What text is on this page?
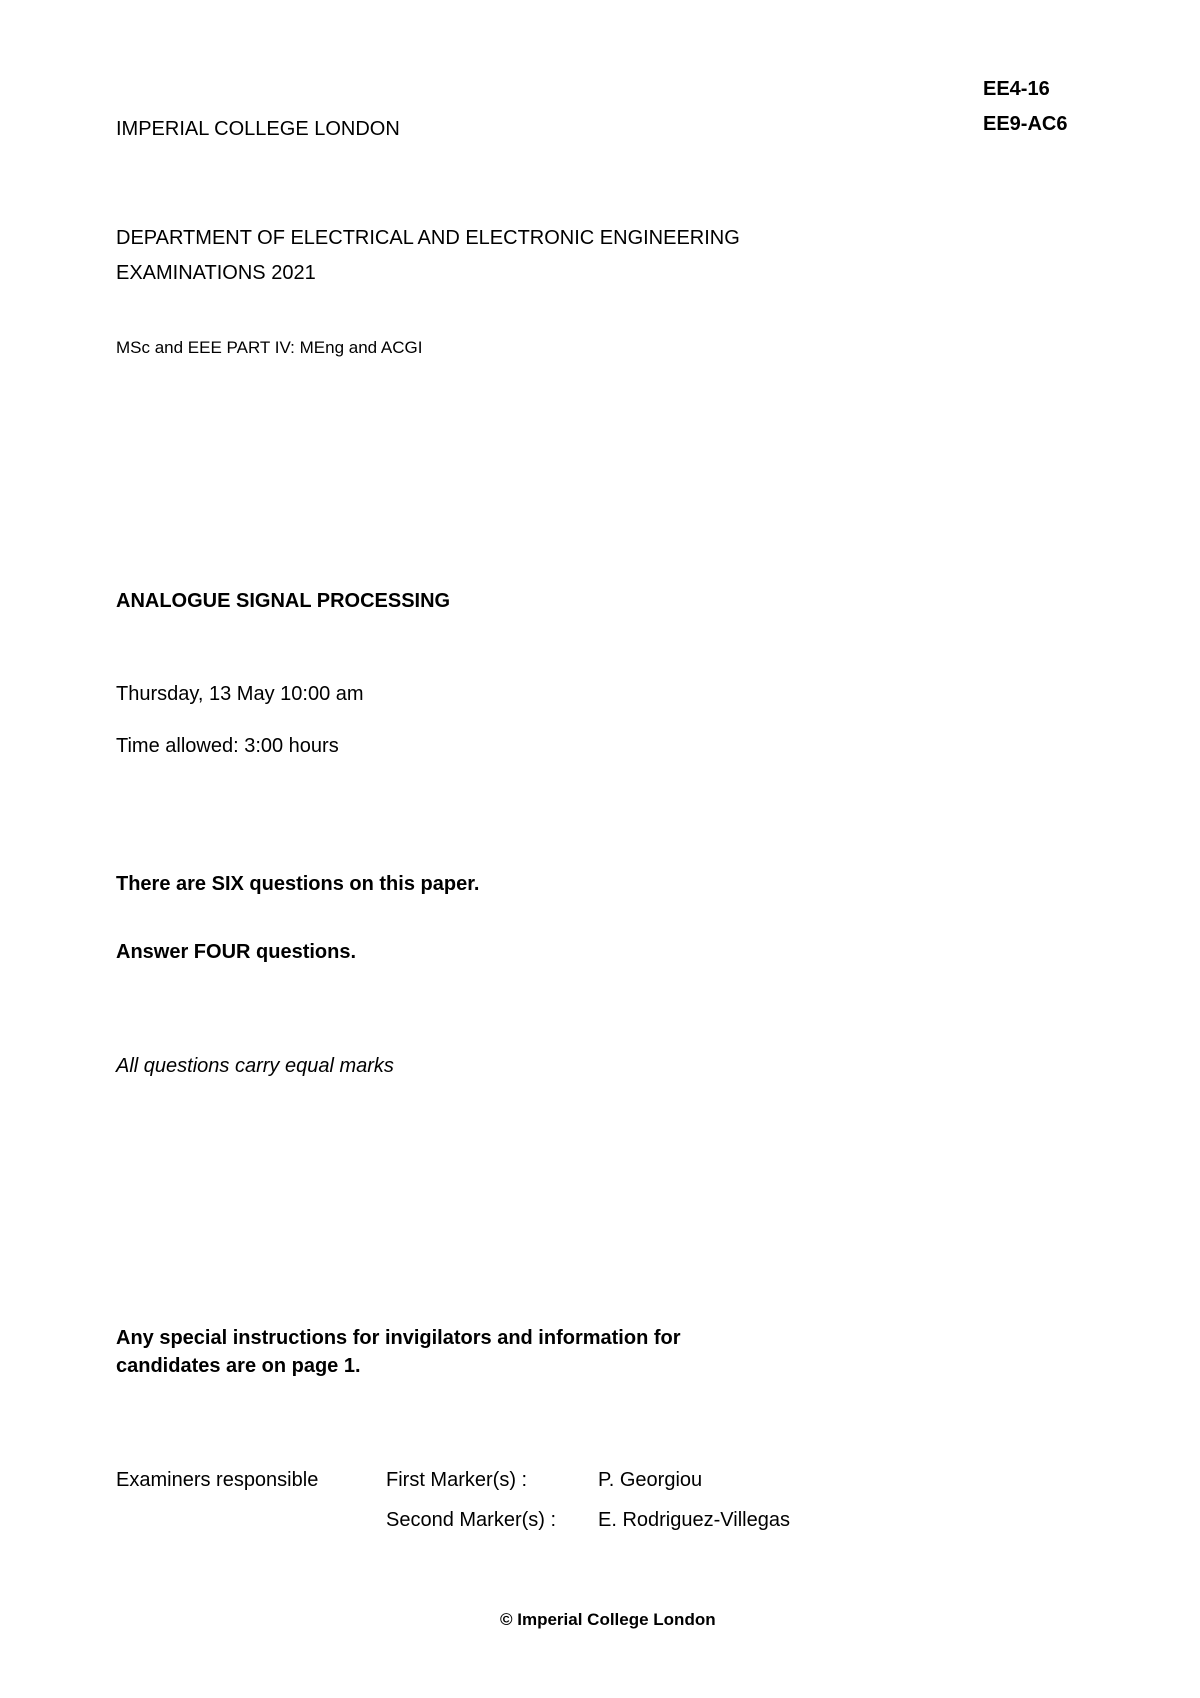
IMPERIAL COLLEGE LONDON
EE4-16
EE9-AC6
DEPARTMENT OF ELECTRICAL AND ELECTRONIC ENGINEERING
EXAMINATIONS 2021
MSc and EEE PART IV: MEng and ACGI
ANALOGUE SIGNAL PROCESSING
Thursday, 13 May 10:00 am
Time allowed: 3:00 hours
There are SIX questions on this paper.
Answer FOUR questions.
All questions carry equal marks
Any special instructions for invigilators and information for
candidates are on page 1.
Examiners responsible	First Marker(s) :	P. Georgiou
Second Marker(s) :	E. Rodriguez-Villegas
© Imperial College London
